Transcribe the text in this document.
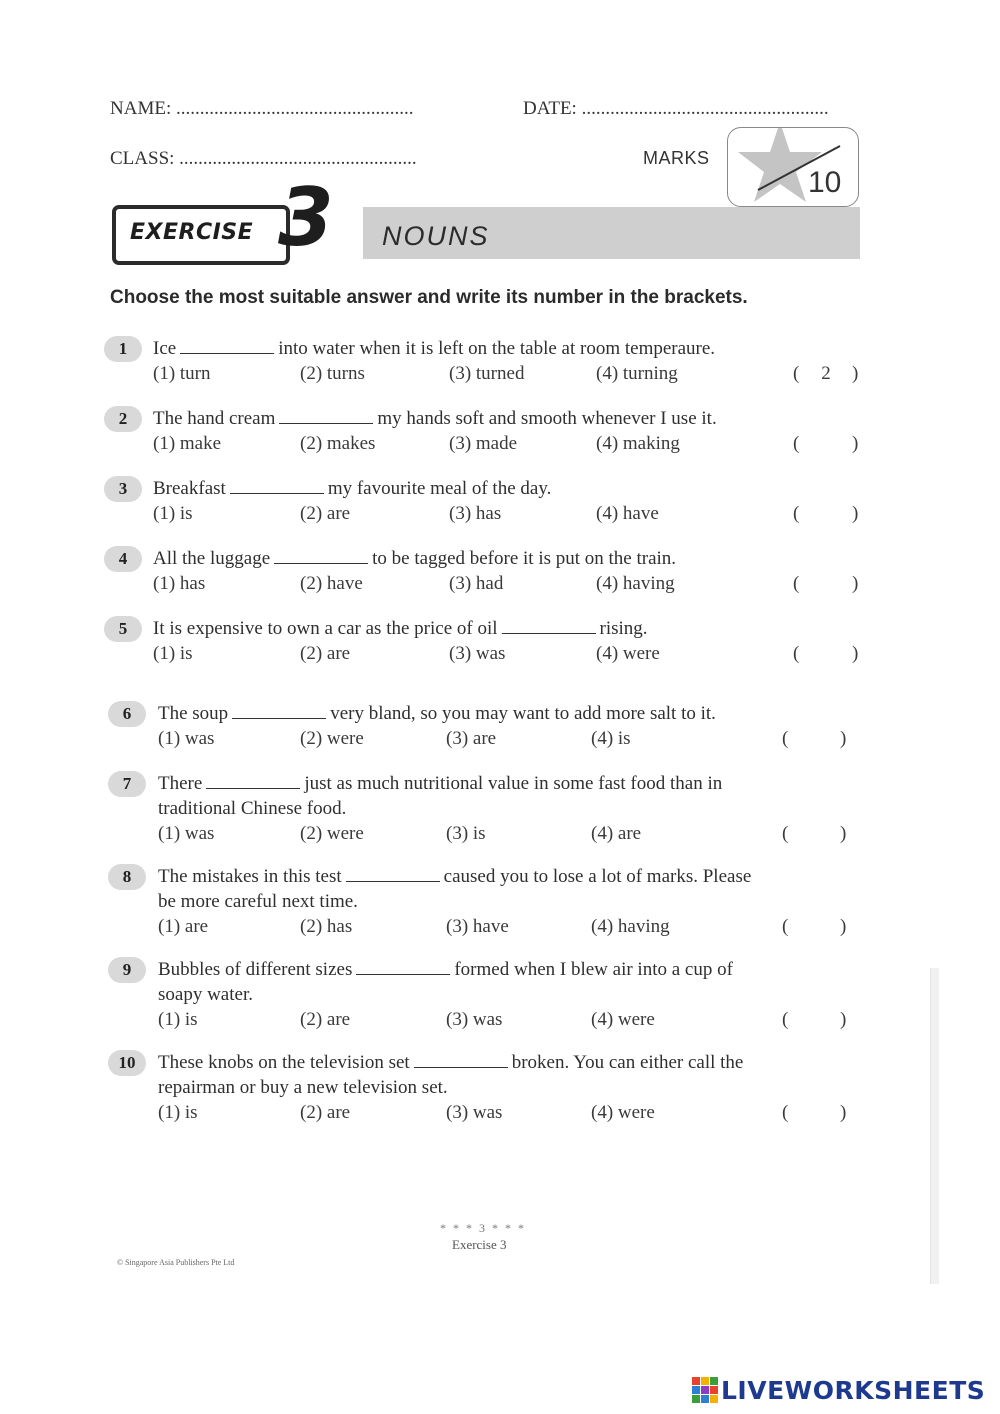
NAME: ..................................................	DATE: ....................................................
CLASS: ..................................................	MARKS
10
NOUNS
EXERCISE 3
Choose the most suitable answer and write its number in the brackets.
1	Ice	into water when it is left on the table at room temperaure.
(1) turn	(2) turns	(3) turned	(4) turning	(	2	)
2	The hand cream	my hands soft and smooth whenever I use it.
(1) make	(2) makes	(3) made	(4) making	(	)
3	Breakfast	my favourite meal of the day.
(1) is	(2) are	(3) has	(4) have	(	)
4	All the luggage	to be tagged before it is put on the train.
(1) has	(2) have	(3) had	(4) having	(	)
5	It is expensive to own a car as the price of oil	rising.
(1) is	(2) are	(3) was	(4) were	(	)
6	The soup	very bland, so you may want to add more salt to it.
(1) was	(2) were	(3) are	(4) is	(	)
7	There	just as much nutritional value in some fast food than in
traditional Chinese food.
(1) was	(2) were	(3) is	(4) are	(	)
8	The mistakes in this test	caused you to lose a lot of marks. Please
be more careful next time.
(1) are	(2) has	(3) have	(4) having	(	)
9	Bubbles of different sizes	formed when I blew air into a cup of
soapy water.
(1) is	(2) are	(3) was	(4) were	(	)
10	These knobs on the television set	broken. You can either call the
repairman or buy a new television set.
(1) is	(2) are	(3) was	(4) were	(	)
* * * 3 * * *
Exercise 3
© Singapore Asia Publishers Pte Ltd
LIVEWORKSHEETS
